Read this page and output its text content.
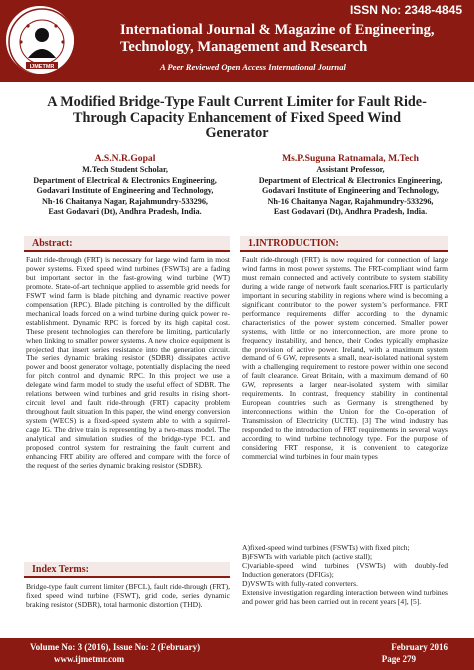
IJMETMR
ISSN No: 2348-4845
International Journal & Magazine of Engineering, Technology, Management and Research
A Peer Reviewed Open Access International Journal
A Modified Bridge-Type Fault Current Limiter for Fault Ride-Through Capacity Enhancement of Fixed Speed Wind Generator
A.S.N.R.Gopal
M.Tech Student Scholar,
Department of Electrical & Electronics Engineering,
Godavari Institute of Engineering and Technology,
Nh-16 Chaitanya Nagar, Rajahmundry-533296,
East Godavari (Dt), Andhra Pradesh, India.
Ms.P.Suguna Ratnamala, M.Tech
Assistant Professor,
Department of Electrical & Electronics Engineering,
Godavari Institute of Engineering and Technology,
Nh-16 Chaitanya Nagar, Rajahmundry-533296,
East Godavari (Dt), Andhra Pradesh, India.
Abstract:
Fault ride-through (FRT) is necessary for large wind farm in most power systems. Fixed speed wind turbines (FSWTs) are a fading but important sector in the fast-growing wind turbine (WT) promote. State-of-art technique applied to assemble grid needs for FSWT wind farm is blade pitching and dynamic reactive power compensation (RPC). Blade pitching is controlled by the difficult mechanical loads forced on a wind turbine during quick power re-establishment. Dynamic RPC is forced by its high capital cost. These present technologies can therefore be limiting, particularly when linking to smaller power systems. A new choice equipment is projected that insert series resistance into the generation circuit. The series dynamic braking resistor (SDBR) dissipates active power and boost generator voltage, potentially displacing the need for pitch control and dynamic RPC. In this project we use a delegate wind farm model to study the useful effect of SDBR. The relations between wind turbines and grid results in rising short-circuit level and fault ride-through (FRT) capacity problem throughout fault situation In this paper, the wind energy conversion system (WECS) is a fixed-speed system able to with a squirrel-cage IG. The drive train is representing by a two-mass model. The analytical and simulation studies of the bridge-type FCL and proposed control system for restraining the fault current and enhancing FRT ability are offered and compare with the force of the request of the series dynamic braking resistor (SDBR).
Index Terms:
Bridge-type fault current limiter (BFCL), fault ride-through (FRT), fixed speed wind turbine (FSWT), grid code, series dynamic braking resistor (SDBR), total harmonic distortion (THD).
1.INTRODUCTION:
Fault ride-through (FRT) is now required for connection of large wind farms in most power systems. The FRT-compliant wind farm must remain connected and actively contribute to system stability during a wide range of network fault scenarios.FRT is particularly important in securing stability in regions where wind is becoming a significant contributor to the power system’s performance. FRT performance requirements differ according to the dynamic characteristics of the power system concerned. Smaller power systems, with little or no interconnection, are more prone to frequency instability, and hence, their Codes typically emphasize the provision of active power. Ireland, with a maximum system demand of 6 GW, represents a small, near-isolated national system with a challenging requirement to restore power within one second of fault clearance. Great Britain, with a maximum demand of 60 GW, represents a larger near-isolated system with similar requirements. In contrast, frequency stability in continental European countries such as Germany is strengthened by interconnections within the Union for the Co-operation of Transmission of Electricity (UCTE). [3] The wind industry has responded to the introduction of FRT requirements in several ways according to wind turbine technology type. For the purpose of considering FRT response, it is convenient to categorize commercial wind turbines in four main types
A)fixed-speed wind turbines (FSWTs) with fixed pitch;
B)FSWTs with variable pitch (active stall);
C)variable-speed wind turbines (VSWTs) with doubly-fed Induction generators (DFIGs);
D)VSWTs with fully-rated converters.
Extensive investigation regarding interaction between wind turbines and power grid has been carried out in recent years [4], [5].
Volume No: 3 (2016), Issue No: 2 (February)
www.ijmetmr.com
February 2016
Page 279
